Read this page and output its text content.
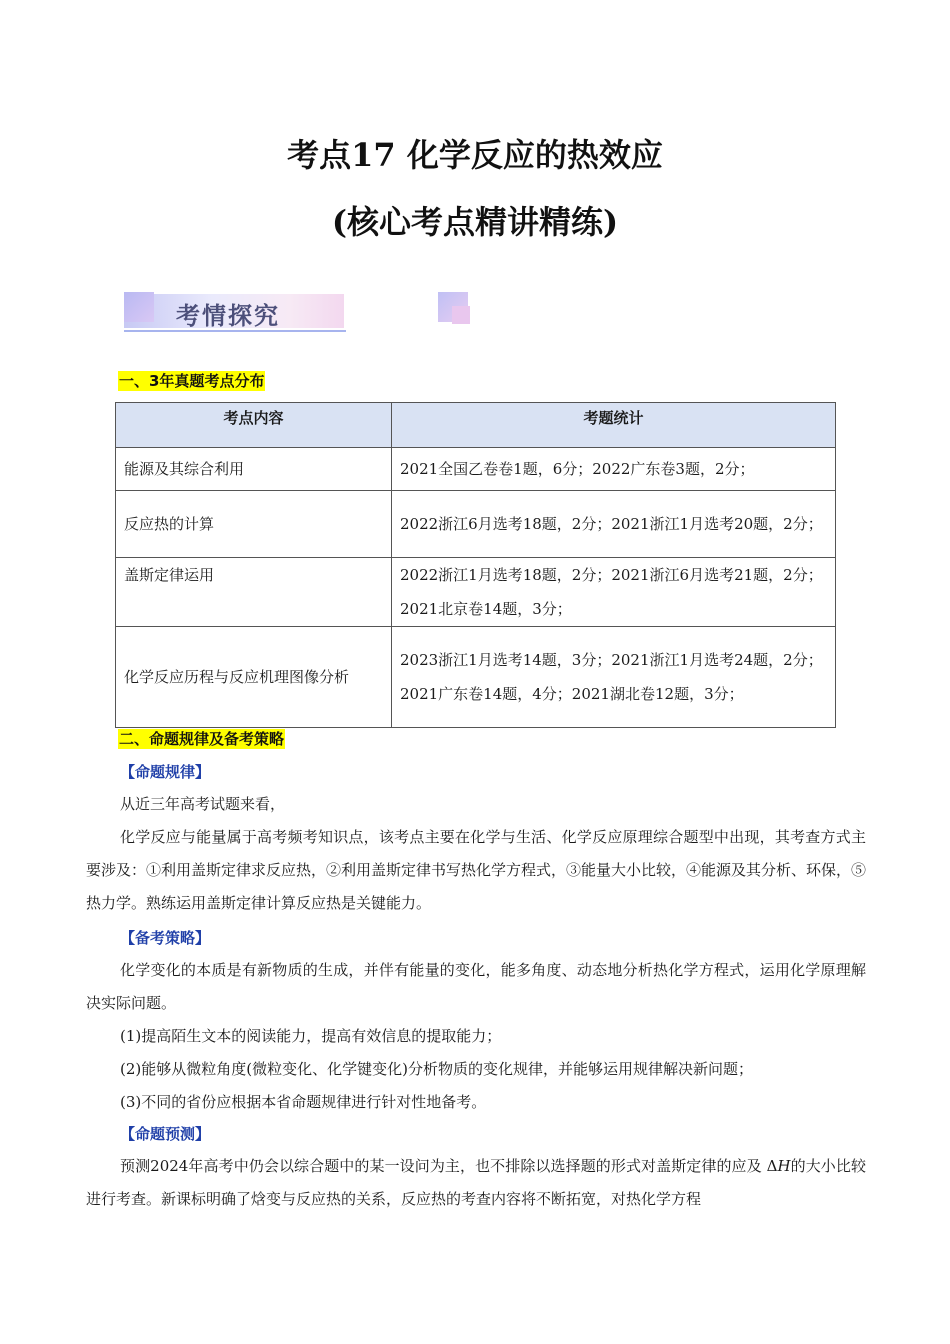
考点17 化学反应的热效应
(核心考点精讲精练)
考情探究
一、3年真题考点分布
考点内容	考题统计
能源及其综合利用	2021全国乙卷卷1题，6分；2022广东卷3题，2分；
反应热的计算	2022浙江6月选考18题，2分；2021浙江1月选考20题，2分；
盖斯定律运用	2022浙江1月选考18题，2分；2021浙江6月选考21题，2分；2021北京卷14题，3分；
化学反应历程与反应机理图像分析	2023浙江1月选考14题，3分；2021浙江1月选考24题，2分；2021广东卷14题，4分；2021湖北卷12题，3分；
二、命题规律及备考策略
【命题规律】

从近三年高考试题来看，

化学反应与能量属于高考频考知识点，该考点主要在化学与生活、化学反应原理综合题型中出现，其考查方式主要涉及：①利用盖斯定律求反应热，②利用盖斯定律书写热化学方程式，③能量大小比较，④能源及其分析、环保，⑤热力学。熟练运用盖斯定律计算反应热是关键能力。

【备考策略】

化学变化的本质是有新物质的生成，并伴有能量的变化，能多角度、动态地分析热化学方程式，运用化学原理解决实际问题。

(1)提高陌生文本的阅读能力，提高有效信息的提取能力；

(2)能够从微粒角度(微粒变化、化学键变化)分析物质的变化规律，并能够运用规律解决新问题；

(3)不同的省份应根据本省命题规律进行针对性地备考。

【命题预测】

预测2024年高考中仍会以综合题中的某一设问为主，也不排除以选择题的形式对盖斯定律的应及 ΔH的大小比较进行考查。新课标明确了焓变与反应热的关系，反应热的考查内容将不断拓宽，对热化学方程
